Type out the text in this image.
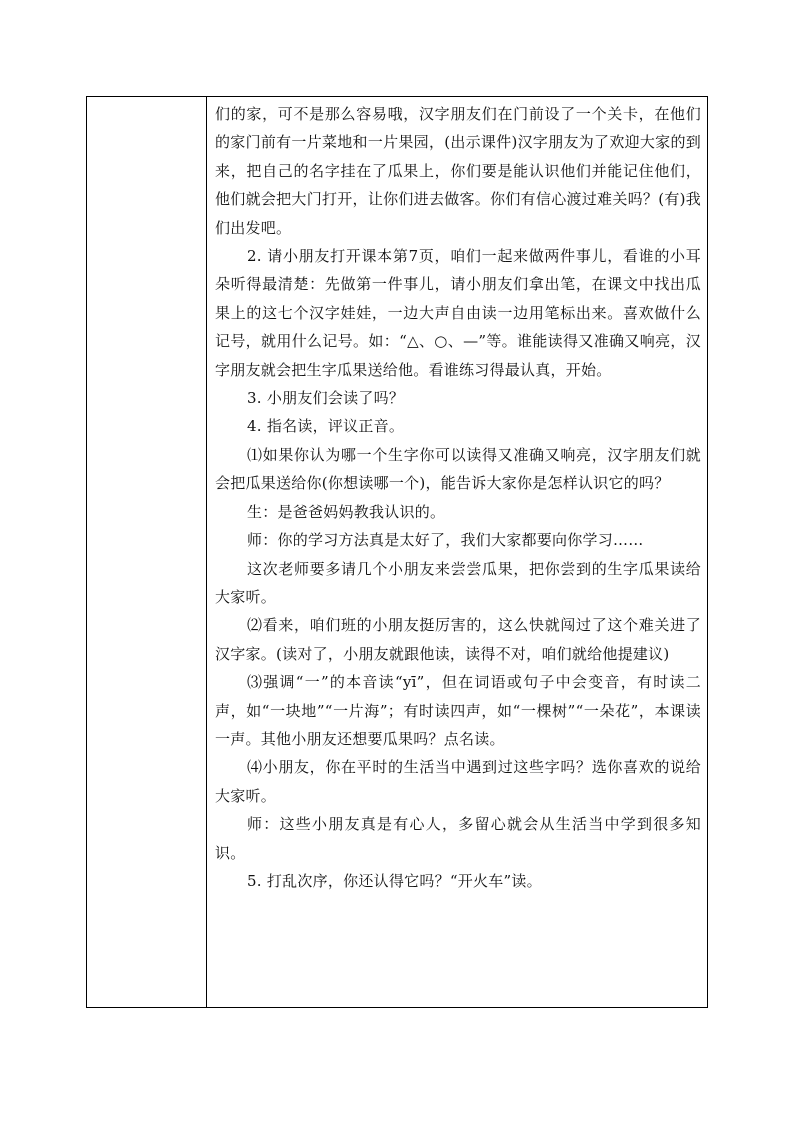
们的家，可不是那么容易哦，汉字朋友们在门前设了一个关卡，在他们的家门前有一片菜地和一片果园，(出示课件)汉字朋友为了欢迎大家的到来，把自己的名字挂在了瓜果上，你们要是能认识他们并能记住他们，他们就会把大门打开，让你们进去做客。你们有信心渡过难关吗？(有)我们出发吧。

2. 请小朋友打开课本第7页，咱们一起来做两件事儿，看谁的小耳朵听得最清楚：先做第一件事儿，请小朋友们拿出笔，在课文中找出瓜果上的这七个汉字娃娃，一边大声自由读一边用笔标出来。喜欢做什么记号，就用什么记号。如：“△、○、—”等。谁能读得又准确又响亮，汉字朋友就会把生字瓜果送给他。看谁练习得最认真，开始。

3. 小朋友们会读了吗？

4. 指名读，评议正音。

⑴如果你认为哪一个生字你可以读得又准确又响亮，汉字朋友们就会把瓜果送给你(你想读哪一个)，能告诉大家你是怎样认识它的吗？

生：是爸爸妈妈教我认识的。

师：你的学习方法真是太好了，我们大家都要向你学习……

这次老师要多请几个小朋友来尝尝瓜果，把你尝到的生字瓜果读给大家听。

⑵看来，咱们班的小朋友挺厉害的，这么快就闯过了这个难关进了汉字家。(读对了，小朋友就跟他读，读得不对，咱们就给他提建议)

⑶强调“一”的本音读“yī”，但在词语或句子中会变音，有时读二声，如“一块地”“一片海”；有时读四声，如“一棵树”“一朵花”，本课读一声。其他小朋友还想要瓜果吗？点名读。

⑷小朋友，你在平时的生活当中遇到过这些字吗？选你喜欢的说给大家听。

师：这些小朋友真是有心人，多留心就会从生活当中学到很多知识。

5. 打乱次序，你还认得它吗？“开火车”读。
